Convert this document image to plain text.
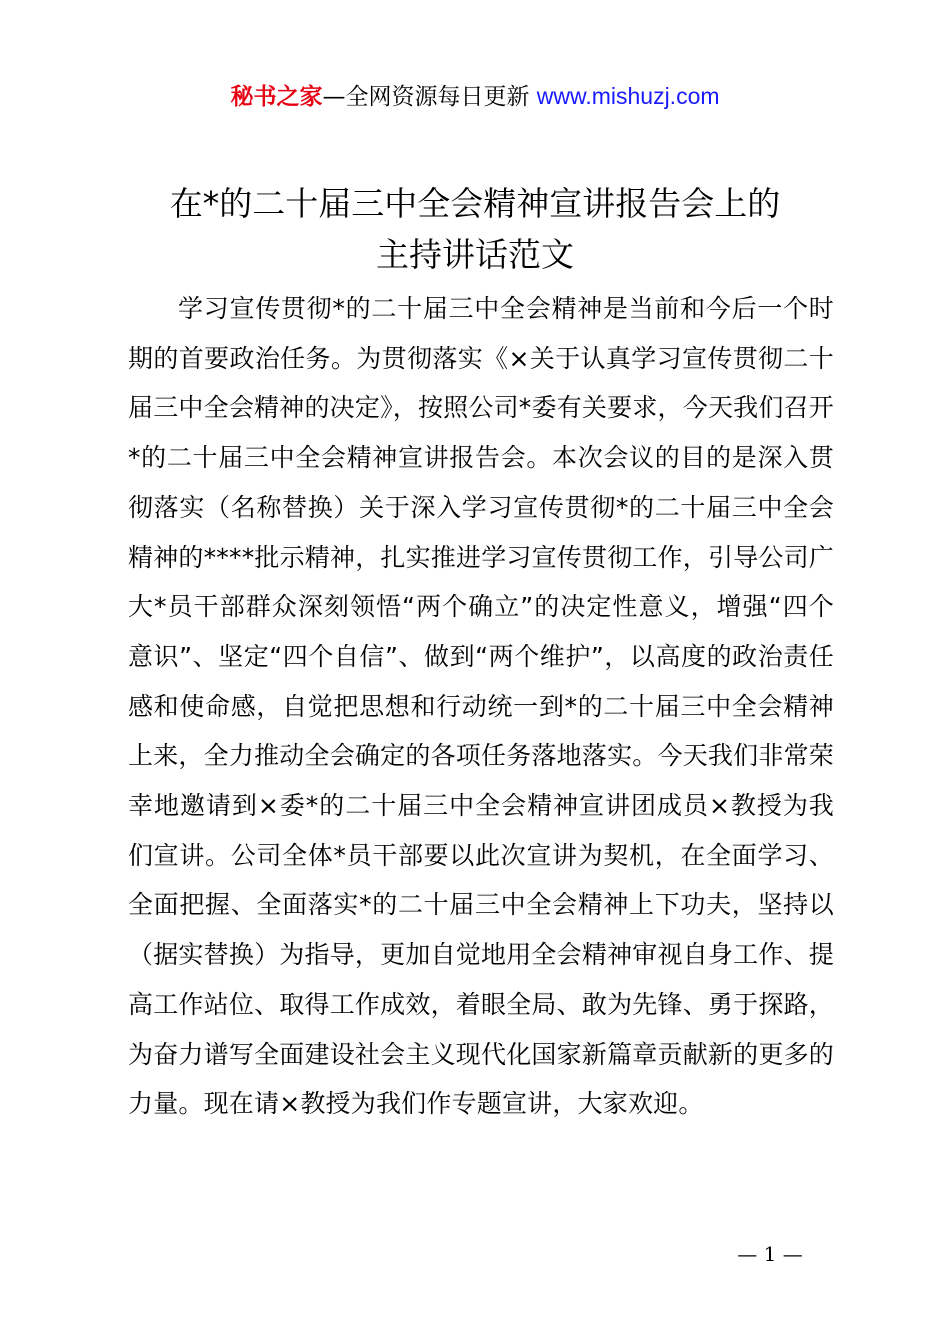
秘书之家—全网资源每日更新 www.mishuzj.com
在*的二十届三中全会精神宣讲报告会上的
主持讲话范文

学习宣传贯彻*的二十届三中全会精神是当前和今后一个时期的首要政治任务。为贯彻落实《×关于认真学习宣传贯彻二十届三中全会精神的决定》，按照公司*委有关要求，今天我们召开*的二十届三中全会精神宣讲报告会。本次会议的目的是深入贯彻落实（名称替换）关于深入学习宣传贯彻*的二十届三中全会精神的****批示精神，扎实推进学习宣传贯彻工作，引导公司广大*员干部群众深刻领悟“两个确立”的决定性意义，增强“四个意识”、坚定“四个自信”、做到“两个维护”，以高度的政治责任感和使命感，自觉把思想和行动统一到*的二十届三中全会精神上来，全力推动全会确定的各项任务落地落实。今天我们非常荣幸地邀请到×委*的二十届三中全会精神宣讲团成员×教授为我们宣讲。公司全体*员干部要以此次宣讲为契机，在全面学习、全面把握、全面落实*的二十届三中全会精神上下功夫，坚持以（据实替换）为指导，更加自觉地用全会精神审视自身工作、提高工作站位、取得工作成效，着眼全局、敢为先锋、勇于探路，为奋力谱写全面建设社会主义现代化国家新篇章贡献新的更多的力量。现在请×教授为我们作专题宣讲，大家欢迎。

— 1 —
